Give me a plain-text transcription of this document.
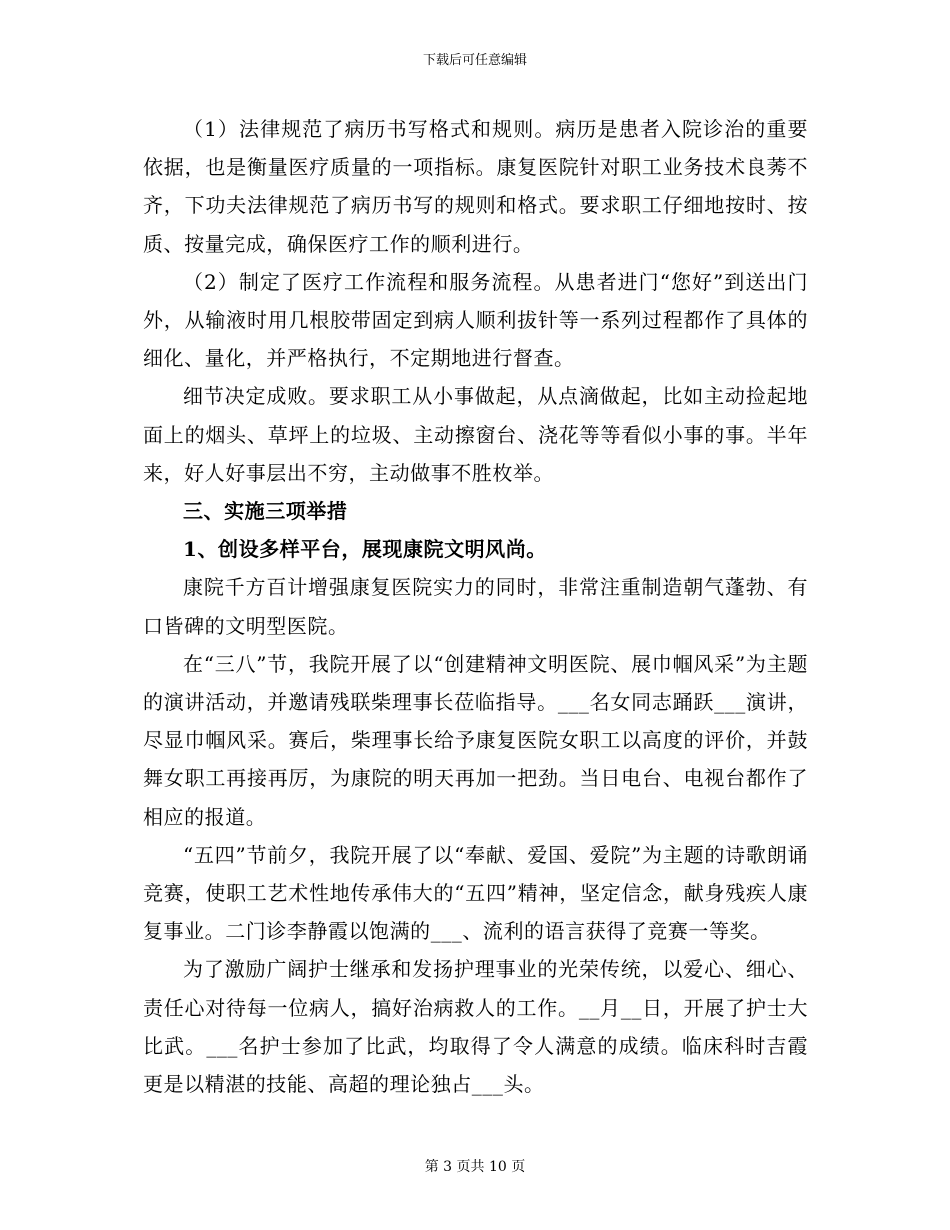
下载后可任意编辑

（1）法律规范了病历书写格式和规则。病历是患者入院诊治的重要依据，也是衡量医疗质量的一项指标。康复医院针对职工业务技术良莠不齐，下功夫法律规范了病历书写的规则和格式。要求职工仔细地按时、按质、按量完成，确保医疗工作的顺利进行。

（2）制定了医疗工作流程和服务流程。从患者进门“您好”到送出门外，从输液时用几根胶带固定到病人顺利拔针等一系列过程都作了具体的细化、量化，并严格执行，不定期地进行督查。

细节决定成败。要求职工从小事做起，从点滴做起，比如主动捡起地面上的烟头、草坪上的垃圾、主动擦窗台、浇花等等看似小事的事。半年来，好人好事层出不穷，主动做事不胜枚举。

三、实施三项举措

1、创设多样平台，展现康院文明风尚。

康院千方百计增强康复医院实力的同时，非常注重制造朝气蓬勃、有口皆碑的文明型医院。

在“三八”节，我院开展了以“创建精神文明医院、展巾帼风采”为主题的演讲活动，并邀请残联柴理事长莅临指导。___名女同志踊跃___演讲，尽显巾帼风采。赛后，柴理事长给予康复医院女职工以高度的评价，并鼓舞女职工再接再厉，为康院的明天再加一把劲。当日电台、电视台都作了相应的报道。

“五四”节前夕，我院开展了以“奉献、爱国、爱院”为主题的诗歌朗诵竞赛，使职工艺术性地传承伟大的“五四”精神，坚定信念，献身残疾人康复事业。二门诊李静霞以饱满的___、流利的语言获得了竞赛一等奖。

为了激励广阔护士继承和发扬护理事业的光荣传统，以爱心、细心、责任心对待每一位病人，搞好治病救人的工作。__月__日，开展了护士大比武。___名护士参加了比武，均取得了令人满意的成绩。临床科时吉霞更是以精湛的技能、高超的理论独占___头。

第 3 页共 10 页
